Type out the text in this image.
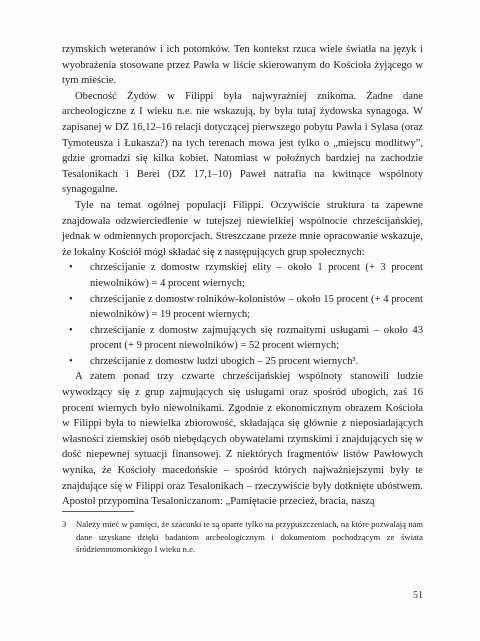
rzymskich weteranów i ich potomków. Ten kontekst rzuca wiele światła na język i wyobrażenia stosowane przez Pawła w liście skierowanym do Kościoła żyjącego w tym mieście.

Obecność Żydów w Filippi była najwyraźniej znikoma. Żadne dane archeologiczne z I wieku n.e. nie wskazują, by była tutaj żydowska synagoga. W zapisanej w DZ 16,12–16 relacji dotyczącej pierwszego pobytu Pawła i Sylasa (oraz Tymoteusza i Łukasza?) na tych terenach mowa jest tylko o „miejscu modlitwy”, gdzie gromadzi się kilka kobiet. Natomiast w położnych bardziej na zachodzie Tesalonikach i Berei (DZ 17,1–10) Paweł natrafia na kwitnące wspólnoty synagogalne.

Tyle na temat ogólnej populacji Filippi. Oczywiście struktura ta zapewne znajdowała odzwierciedlenie w tutejszej niewielkiej wspólnocie chrześcijańskiej, jednak w odmiennych proporcjach. Streszczane przeze mnie opracowanie wskazuje, że lokalny Kościół mógł składać się z następujących grup społecznych:

• chrześcijanie z domostw rzymskiej elity – około 1 procent (+ 3 procent niewolników) = 4 procent wiernych;
• chrześcijanie z domostw rolników-kolonistów – około 15 procent (+ 4 procent niewolników) = 19 procent wiernych;
• chrześcijanie z domostw zajmujących się rozmaitymi usługami – około 43 procent (+ 9 procent niewolników) = 52 procent wiernych;
• chrześcijanie z domostw ludzi ubogich – 25 procent wiernych³.

A zatem ponad trzy czwarte chrześcijańskiej wspólnoty stanowili ludzie wywodzący się z grup zajmujących się usługami oraz spośród ubogich, zaś 16 procent wiernych było niewolnikami. Zgodnie z ekonomicznym obrazem Kościoła w Filippi była to niewielka zbiorowość, składająca się głównie z nieposiadających własności ziemskiej osób niebędących obywatelami rzymskimi i znajdujących się w dość niepewnej sytuacji finansowej. Z niektórych fragmentów listów Pawłowych wynika, że Kościoły macedońskie – spośród których najważniejszymi były te znajdujące się w Filippi oraz Tesalonikach – rzeczywiście były dotknięte ubóstwem. Apostoł przypomina Tesaloniczanom: „Pamiętacie przecież, bracia, naszą

3	Należy mieć w pamięci, że szacunki te są oparte tylko na przypuszczeniach, na które pozwalają nam dane uzyskane dzięki badaniom archeologicznym i dokumentom pochodzącym ze świata śródziemnomorskiego I wieku n.e.
51
